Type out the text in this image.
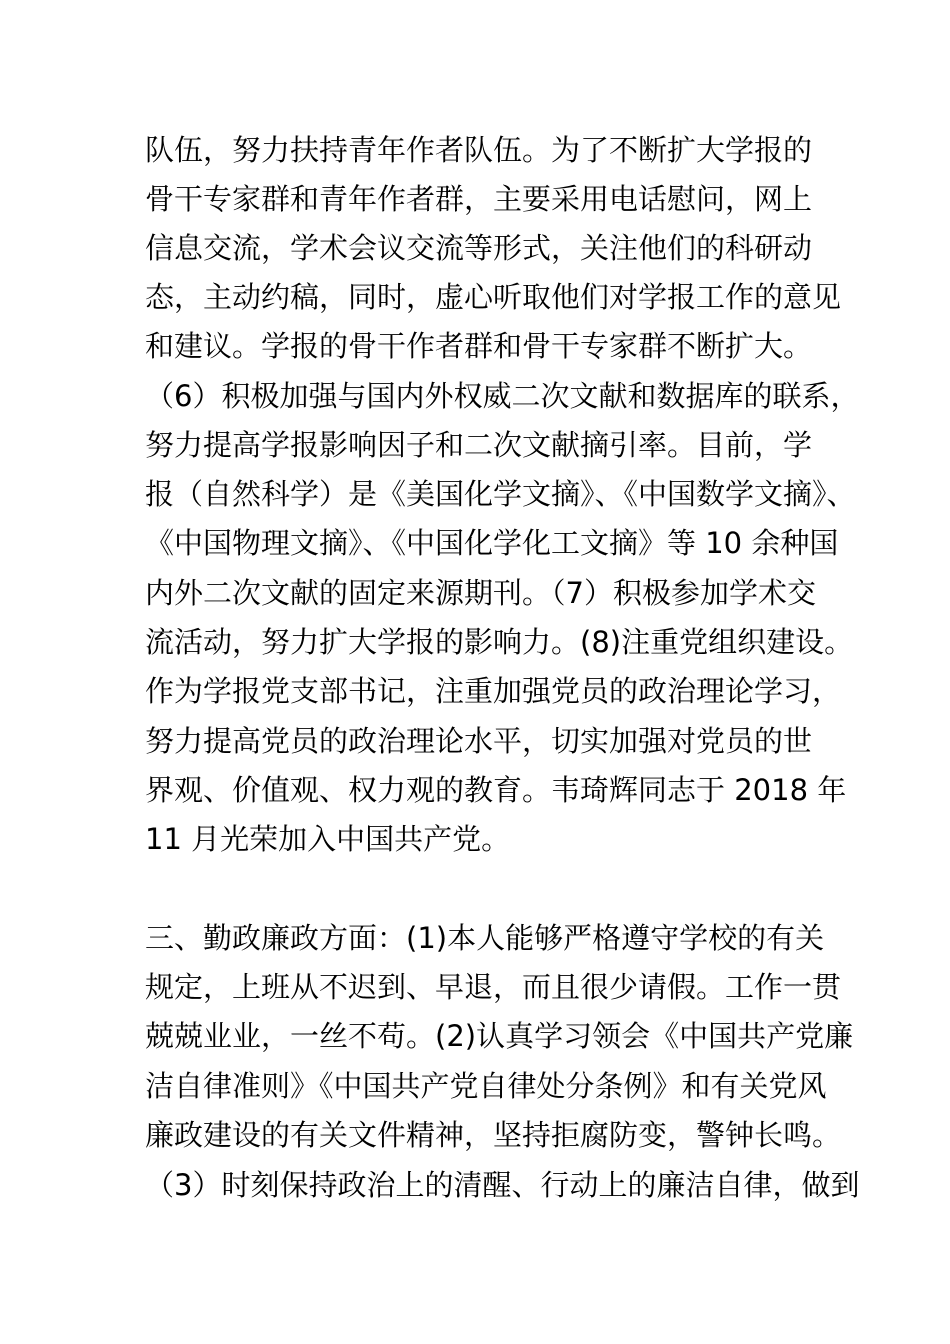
队伍，努力扶持青年作者队伍。为了不断扩大学报的
骨干专家群和青年作者群，主要采用电话慰问，网上
信息交流，学术会议交流等形式，关注他们的科研动
态，主动约稿，同时，虚心听取他们对学报工作的意见
和建议。学报的骨干作者群和骨干专家群不断扩大。
（6）积极加强与国内外权威二次文献和数据库的联系，
努力提高学报影响因子和二次文献摘引率。目前，学
报（自然科学）是《美国化学文摘》、《中国数学文摘》、
《中国物理文摘》、《中国化学化工文摘》等 10 余种国
内外二次文献的固定来源期刊。（7）积极参加学术交
流活动，努力扩大学报的影响力。(8)注重党组织建设。
作为学报党支部书记，注重加强党员的政治理论学习，
努力提高党员的政治理论水平，切实加强对党员的世
界观、价值观、权力观的教育。韦琦辉同志于 2018 年
11 月光荣加入中国共产党。
三、勤政廉政方面：(1)本人能够严格遵守学校的有关
规定，上班从不迟到、早退，而且很少请假。工作一贯
兢兢业业，一丝不苟。(2)认真学习领会《中国共产党廉
洁自律准则》《中国共产党自律处分条例》和有关党风
廉政建设的有关文件精神，坚持拒腐防变，警钟长鸣。
（3）时刻保持政治上的清醒、行动上的廉洁自律，做到
